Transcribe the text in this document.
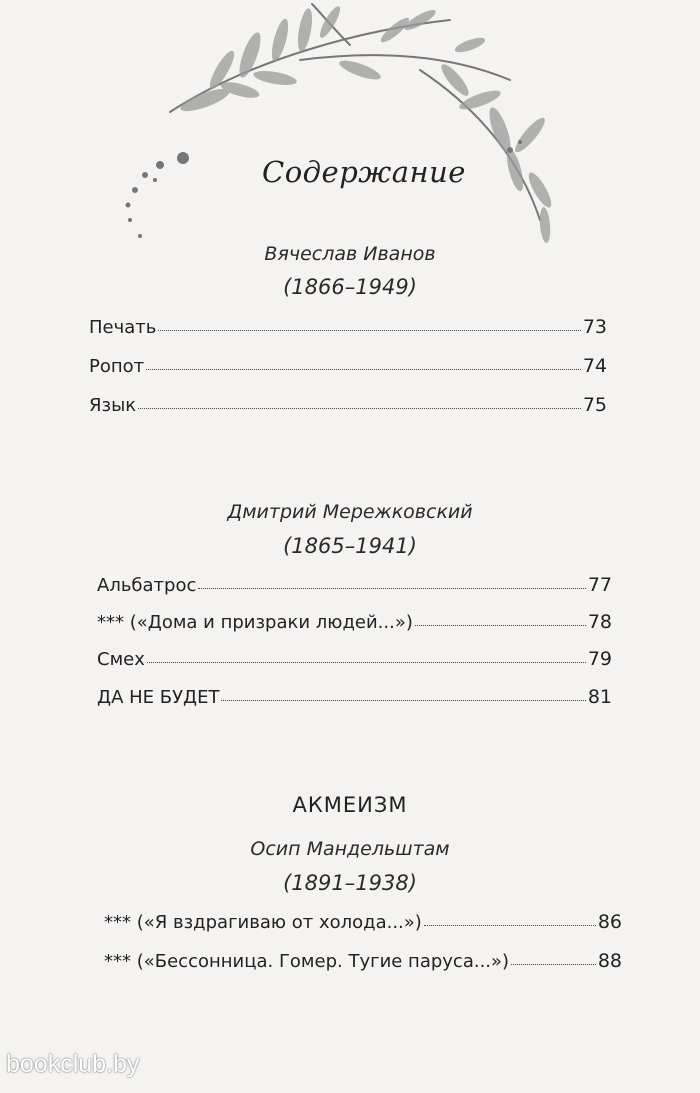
Содержание
Вячеслав Иванов
(1866–1949)
Печать	73
Ропот	74
Язык	75
Дмитрий Мережковский
(1865–1941)
Альбатрос	77
*** («Дома и призраки людей...»)	78
Смех	79
ДА НЕ БУДЕТ	81
АКМЕИЗМ
Осип Мандельштам
(1891–1938)
*** («Я вздрагиваю от холода...»)	86
*** («Бессонница. Гомер. Тугие паруса...»)	88
bookclub.by
